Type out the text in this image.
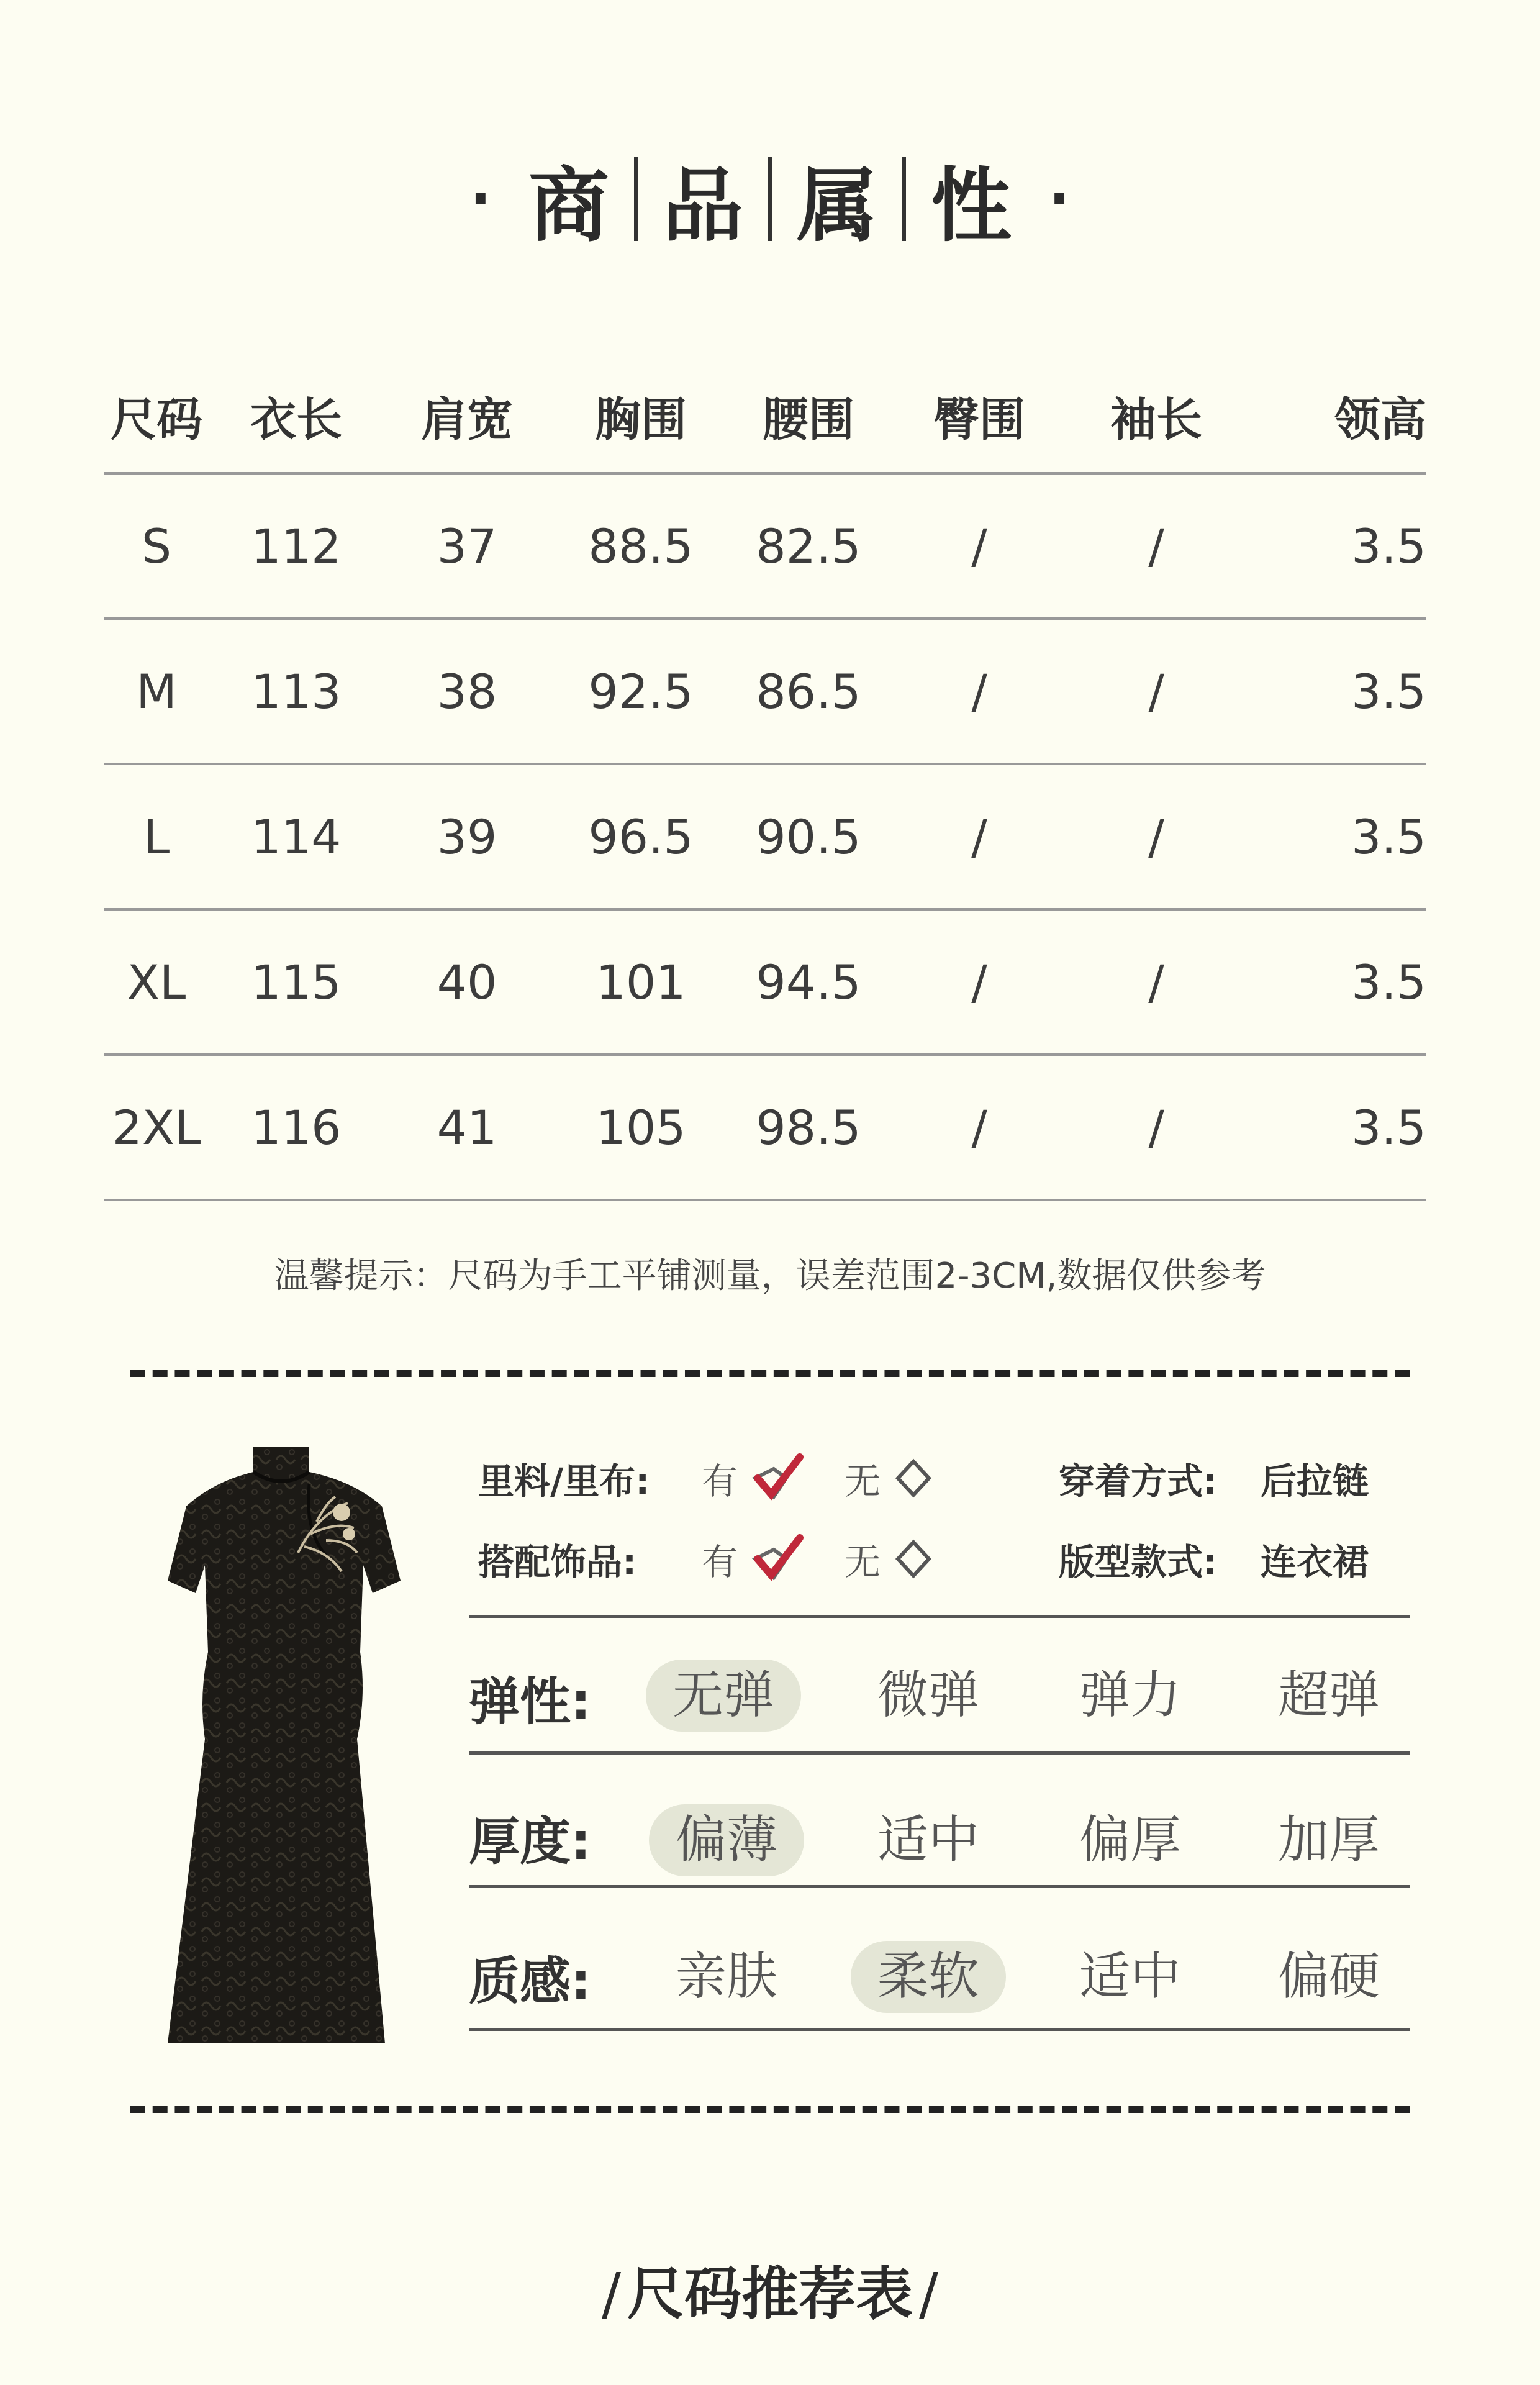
· 商 品 属 性 ·
尺码	衣长	肩宽	胸围	腰围	臀围	袖长	领高
S	112	37	88.5	82.5	/	/	3.5
M	113	38	92.5	86.5	/	/	3.5
L	114	39	96.5	90.5	/	/	3.5
XL	115	40	101	94.5	/	/	3.5
2XL	116	41	105	98.5	/	/	3.5
温馨提示：尺码为手工平铺测量，误差范围2-3CM,数据仅供参考
里料/里布: 有	无	穿着方式: 后拉链
搭配饰品: 有	无	版型款式: 连衣裙
弹性:	无弹	微弹	弹力	超弹
厚度:	偏薄	适中	偏厚	加厚
质感:	亲肤	柔软	适中	偏硬
/ 尺码推荐表 /
